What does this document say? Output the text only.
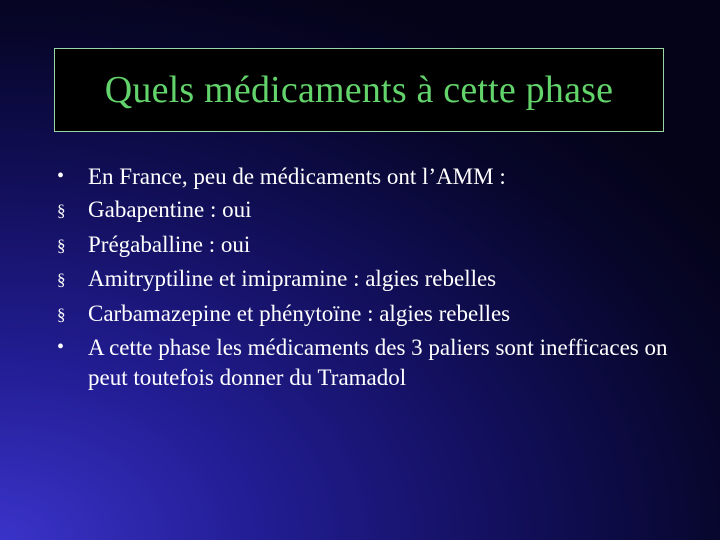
Quels médicaments à cette phase
•	En France, peu de médicaments ont l’AMM :
§ Gabapentine : oui
§ Prégaballine : oui
§ Amitryptiline et imipramine : algies rebelles
§ Carbamazepine et phénytoïne : algies rebelles
•	A cette phase les médicaments des 3 paliers sont inefficaces on peut toutefois donner du Tramadol
